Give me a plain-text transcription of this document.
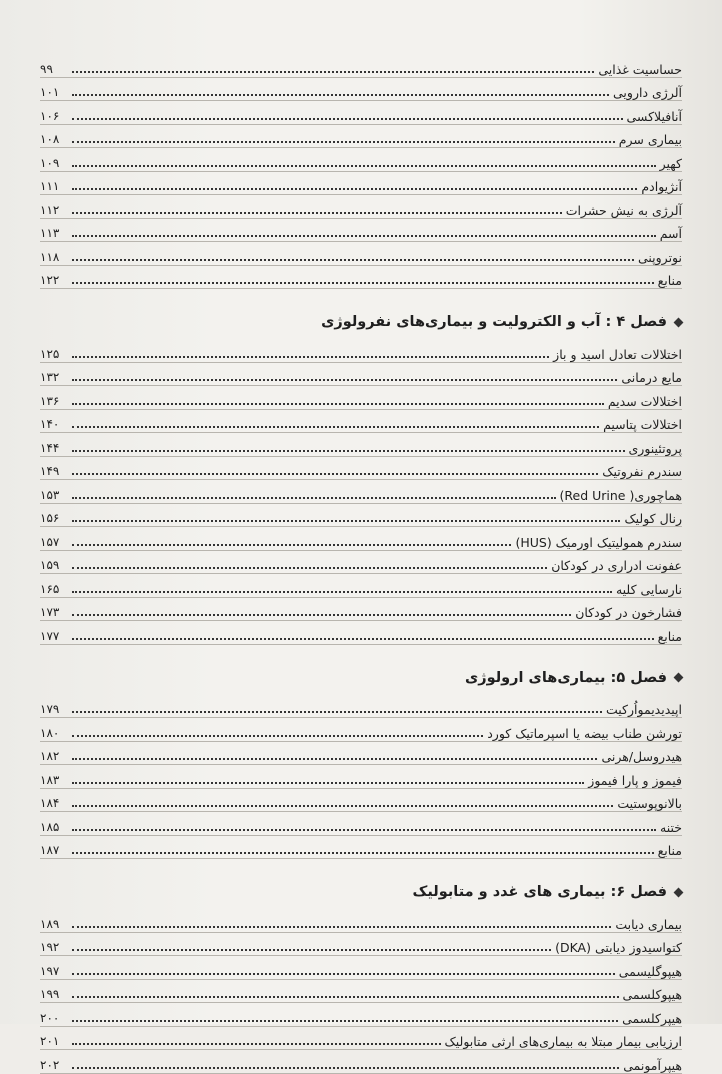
حساسیت غذایی
۹۹
آلرژی دارویی
۱۰۱
آنافیلاکسی
۱۰۶
بیماری سرم
۱۰۸
کهیر
۱۰۹
آنژیوادم
۱۱۱
آلرژی به نیش حشرات
۱۱۲
آسم
۱۱۳
نوتروپنی
۱۱۸
منابع
۱۲۲
فصل ۴ : آب و الکترولیت و بیماری‌های نفرولوژی
اختلالات تعادل اسید و باز
۱۲۵
مایع درمانی
۱۳۲
اختلالات سدیم
۱۳۶
اختلالات پتاسیم
۱۴۰
پروتئینوری
۱۴۴
سندرم نفروتیک
۱۴۹
هماچوری( Red Urine)
۱۵۳
رنال کولیک
۱۵۶
سندرم همولیتیک اورمیک (HUS)
۱۵۷
عفونت ادراری در کودکان
۱۵۹
نارسایی کلیه
۱۶۵
فشارخون در کودکان
۱۷۳
منابع
۱۷۷
فصل ۵: بیماری‌های ارولوژی
اپیدیدیمواُرکیت
۱۷۹
تورشن طناب بیضه یا اسپرماتیک کورد
۱۸۰
هیدروسل/هرنی
۱۸۲
فیموز و پارا فیموز
۱۸۳
بالانوپوستیت
۱۸۴
ختنه
۱۸۵
منابع
۱۸۷
فصل ۶: بیماری های غدد و متابولیک
بیماری دیابت
۱۸۹
کتواسیدوز دیابتی (DKA)
۱۹۲
هیپوگلیسمی
۱۹۷
هیپوکلسمی
۱۹۹
هیپرکلسمی
۲۰۰
ارزیابی بیمار مبتلا به بیماری‌های ارثی متابولیک
۲۰۱
هیپرآمونمی
۲۰۲
